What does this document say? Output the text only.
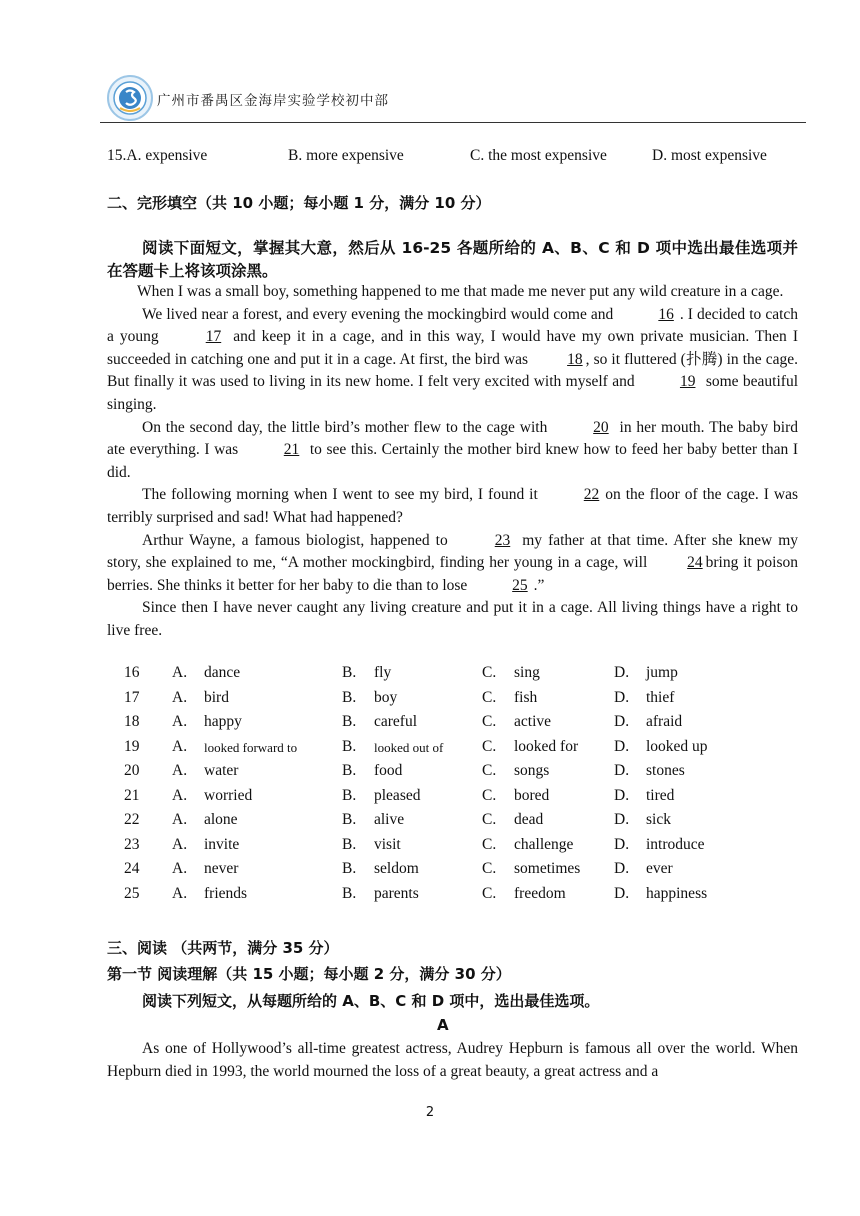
广州市番禺区金海岸实验学校初中部
15.A. expensive	B. more expensive	C. the most expensive	D. most expensive
二、完形填空（共 10 小题；每小题 1 分，满分 10 分）
阅读下面短文，掌握其大意，然后从 16-25 各题所给的 A、B、C 和 D 项中选出最佳选项并在答题卡上将该项涂黑。

When I was a small boy, something happened to me that made me never put any wild creature in a cage.

We lived near a forest, and every evening the mockingbird would come and	16 . I decided to catch a young	17 and keep it in a cage, and in this way, I would have my own private musician. Then I succeeded in catching one and put it in a cage. At first, the bird was	18 , so it fluttered (扑腾) in the cage. But finally it was used to living in its new home. I felt very excited with myself and	19 some beautiful singing.

On the second day, the little bird’s mother flew to the cage with	20 in her mouth. The baby bird ate everything. I was	21 to see this. Certainly the mother bird knew how to feed her baby better than I did.

The following morning when I went to see my bird, I found it	22 on the floor of the cage. I was terribly surprised and sad! What had happened?

Arthur Wayne, a famous biologist, happened to	23 my father at that time. After she knew my story, she explained to me, “A mother mockingbird, finding her young in a cage, will	24 bring it poison berries. She thinks it better for her baby to die than to lose	25 .”

Since then I have never caught any living creature and put it in a cage. All living things have a right to live free.

16 A. dance	B. fly	C. sing	D. jump
17 A. bird	B. boy	C. fish	D. thief
18 A. happy	B. careful	C. active	D. afraid
19 A. looked forward to	B. looked out of C. looked for D. looked up
20 A. water	B. food	C. songs	D. stones
21 A. worried	B. pleased	C. bored	D. tired
22 A. alone	B. alive	C. dead	D. sick
23 A. invite	B. visit	C. challenge	D. introduce
24 A. never	B. seldom	C. sometimes D. ever
25 A. friends	B. parents	C. freedom	D. happiness
三、阅读 （共两节，满分 35 分）
第一节 阅读理解（共 15 小题；每小题 2 分，满分 30 分）
阅读下列短文，从每题所给的 A、B、C 和 D 项中，选出最佳选项。
A
As one of Hollywood’s all-time greatest actress, Audrey Hepburn is famous all over the world. When Hepburn died in 1993, the world mourned the loss of a great beauty, a great actress and a
2
